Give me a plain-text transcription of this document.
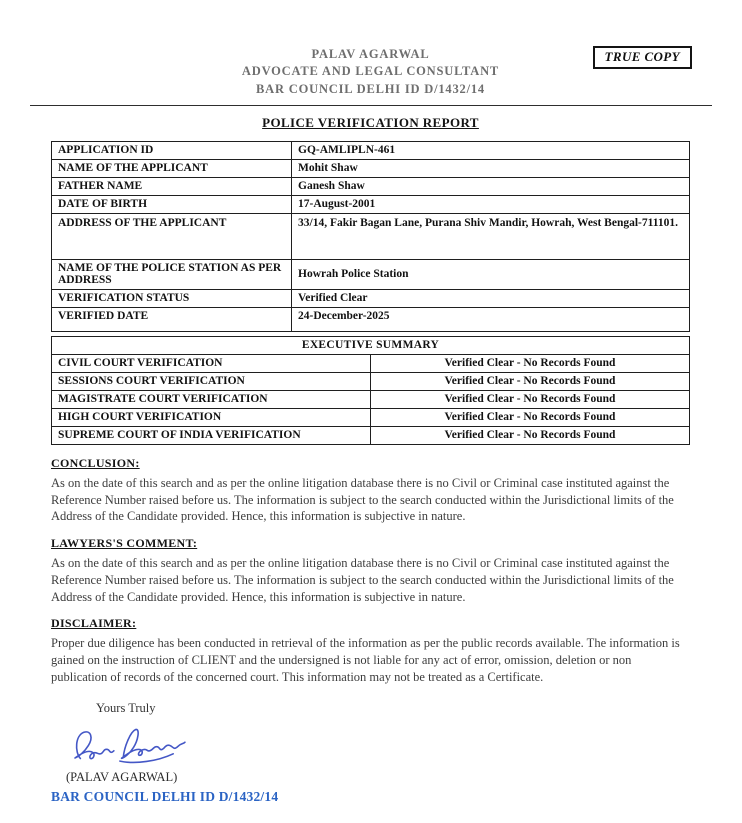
TRUE COPY
PALAV AGARWAL
ADVOCATE AND LEGAL CONSULTANT
BAR COUNCIL DELHI ID D/1432/14
POLICE VERIFICATION REPORT
APPLICATION ID	GQ-AMLIPLN-461
NAME OF THE APPLICANT	Mohit Shaw
FATHER NAME	Ganesh Shaw
DATE OF BIRTH	17-August-2001
ADDRESS OF THE APPLICANT	33/14, Fakir Bagan Lane, Purana Shiv Mandir, Howrah, West Bengal-711101.
NAME OF THE POLICE STATION AS PER ADDRESS	Howrah Police Station
VERIFICATION STATUS	Verified Clear
VERIFIED DATE	24-December-2025
EXECUTIVE SUMMARY	
CIVIL COURT VERIFICATION	Verified Clear - No Records Found
SESSIONS COURT VERIFICATION	Verified Clear - No Records Found
MAGISTRATE COURT VERIFICATION	Verified Clear - No Records Found
HIGH COURT VERIFICATION	Verified Clear - No Records Found
SUPREME COURT OF INDIA VERIFICATION	Verified Clear - No Records Found
CONCLUSION:
As on the date of this search and as per the online litigation database there is no Civil or Criminal case instituted against the Reference Number raised before us. The information is subject to the search conducted within the Jurisdictional limits of the Address of the Candidate provided. Hence, this information is subjective in nature.
LAWYERS'S COMMENT:
As on the date of this search and as per the online litigation database there is no Civil or Criminal case instituted against the Reference Number raised before us. The information is subject to the search conducted within the Jurisdictional limits of the Address of the Candidate provided. Hence, this information is subjective in nature.
DISCLAIMER:
Proper due diligence has been conducted in retrieval of the information as per the public records available. The information is gained on the instruction of CLIENT and the undersigned is not liable for any act of error, omission, deletion or non publication of records of the concerned court. This information may not be treated as a Certificate.
Yours Truly
(PALAV AGARWAL)
BAR COUNCIL DELHI ID D/1432/14
